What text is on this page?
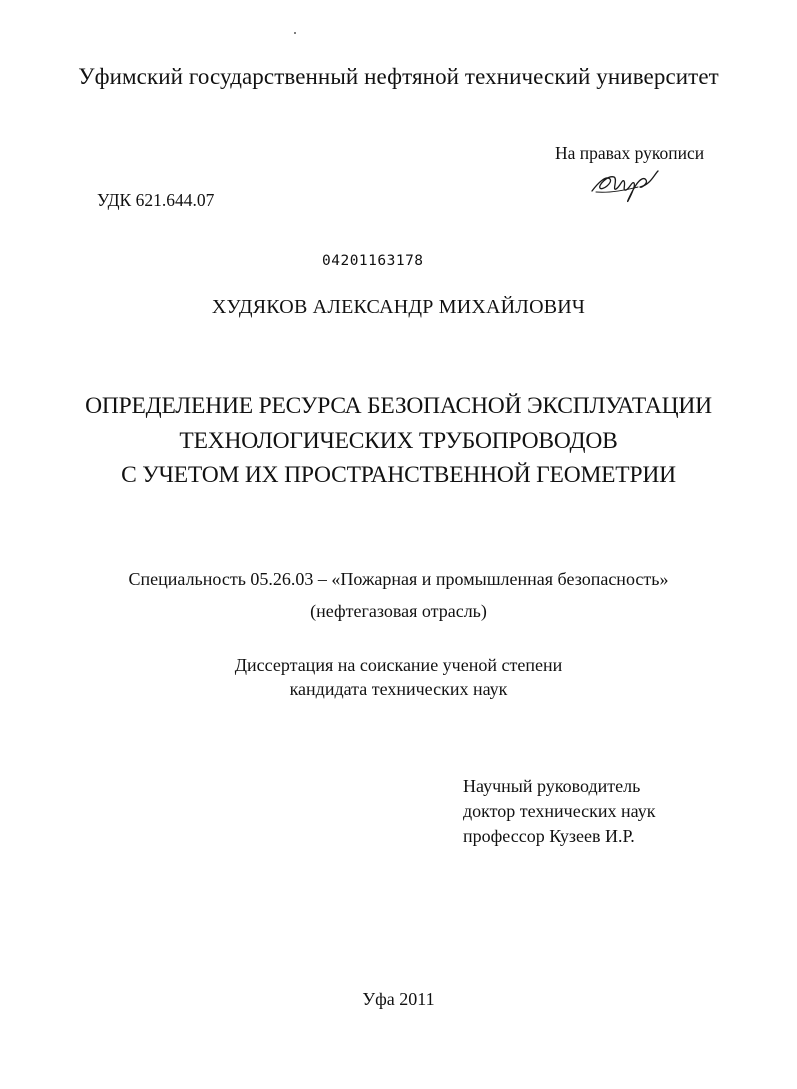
Уфимский государственный нефтяной технический университет
На правах рукописи
УДК 621.644.07
04201163178
ХУДЯКОВ АЛЕКСАНДР МИХАЙЛОВИЧ
ОПРЕДЕЛЕНИЕ РЕСУРСА БЕЗОПАСНОЙ ЭКСПЛУАТАЦИИ
ТЕХНОЛОГИЧЕСКИХ ТРУБОПРОВОДОВ
С УЧЕТОМ ИХ ПРОСТРАНСТВЕННОЙ ГЕОМЕТРИИ
Специальность 05.26.03 – «Пожарная и промышленная безопасность»
(нефтегазовая отрасль)
Диссертация на соискание ученой степени
кандидата технических наук
Научный руководитель
доктор технических наук
профессор Кузеев И.Р.
Уфа 2011
